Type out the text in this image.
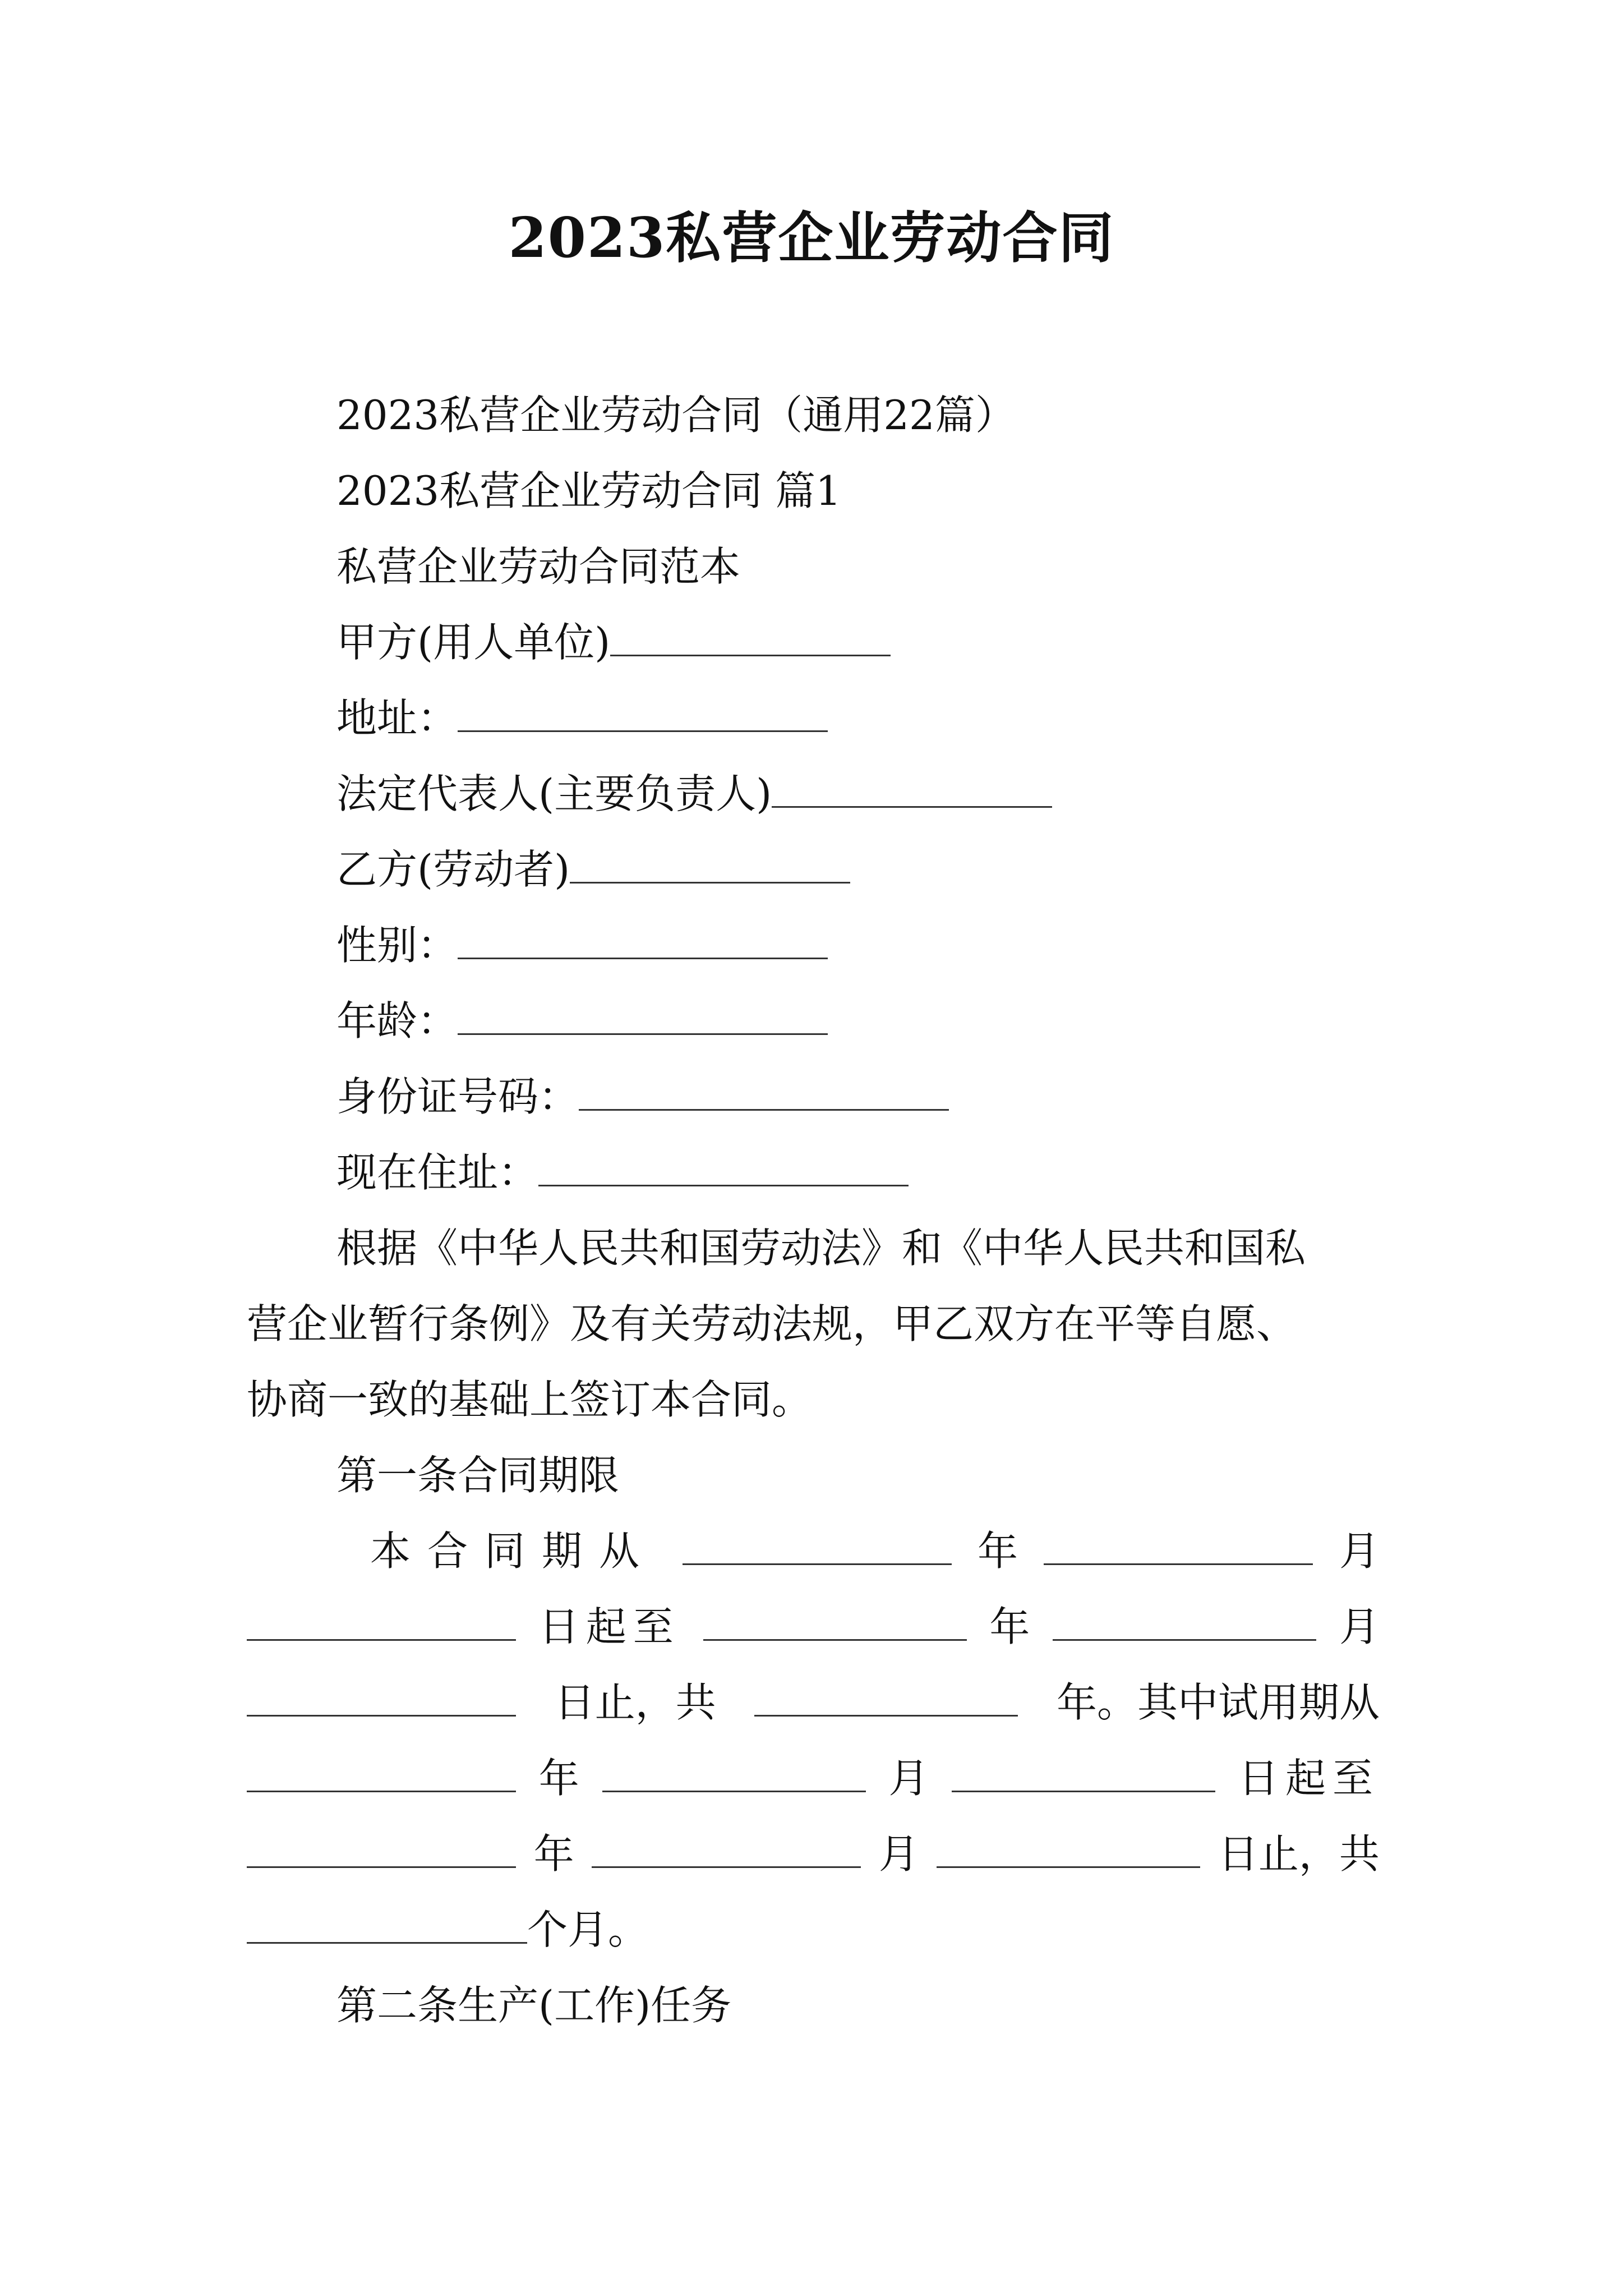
2023私营企业劳动合同
2023私营企业劳动合同（通用22篇）
2023私营企业劳动合同 篇1
私营企业劳动合同范本
甲方(用人单位)
地址：
法定代表人(主要负责人)
乙方(劳动者)
性别：
年龄：
身份证号码：
现在住址：
根据《中华人民共和国劳动法》和《中华人民共和国私
营企业暂行条例》及有关劳动法规，甲乙双方在平等自愿、
协商一致的基础上签订本合同。
第一条合同期限
本合同期从	年	月
日起至	年	月
日止，共	年。其中试用期从
年	月	日起至
年	月	日止，共
个月。
第二条生产(工作)任务
